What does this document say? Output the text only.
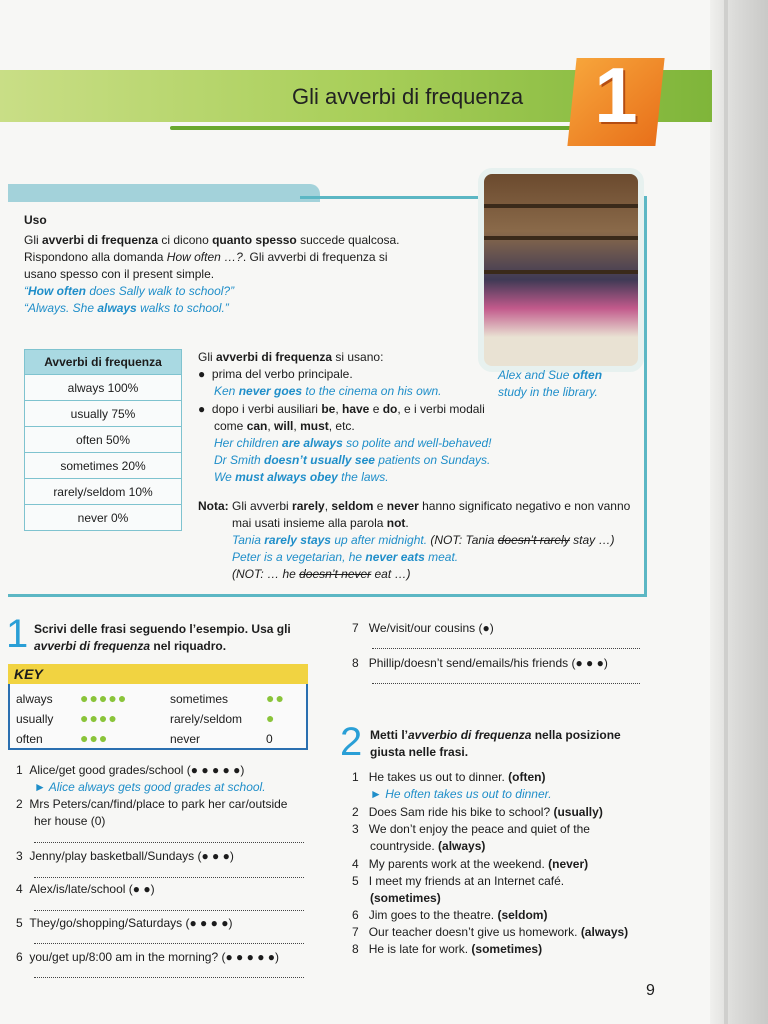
Gli avverbi di frequenza 1
Uso
Gli avverbi di frequenza ci dicono quanto spesso succede qualcosa.
Rispondono alla domanda How often …?. Gli avverbi di frequenza si
usano spesso con il present simple.
“How often does Sally walk to school?”
“Always. She always walks to school.”
Avverbi di frequenza
always 100%
usually 75%
often 50%
sometimes 20%
rarely/seldom 10%
never 0%
Gli avverbi di frequenza si usano:
●  prima del verbo principale.
Ken never goes to the cinema on his own.
●  dopo i verbi ausiliari be, have e do, e i verbi modali
come can, will, must, etc.
Her children are always so polite and well-behaved!
Dr Smith doesn’t usually see patients on Sundays.
We must always obey the laws.
Alex and Sue often
study in the library.
Nota: Gli avverbi rarely, seldom e never hanno significato negativo e non vanno
mai usati insieme alla parola not.
Tania rarely stays up after midnight. (NOT: Tania doesn’t rarely stay …)
Peter is a vegetarian, he never eats meat.
(NOT: … he doesn’t never eat …)
1 Scrivi delle frasi seguendo l’esempio. Usa gli
avverbi di frequenza nel riquadro.
KEY
always ●●●●●
usually ●●●●
often	●●●
sometimes	●●
rarely/seldom ●
never	0
1 Alice/get good grades/school (● ● ● ● ●)
► Alice always gets good grades at school.
2 Mrs Peters/can/find/place to park her car/outside
her house (0)
3 Jenny/play basketball/Sundays (● ● ●)
4 Alex/is/late/school (● ●)
5 They/go/shopping/Saturdays (● ● ● ●)
6 you/get up/8:00 am in the morning? (● ● ● ● ●)
7 We/visit/our cousins (●)
8 Phillip/doesn’t send/emails/his friends (● ● ●)
2 Metti l’avverbio di frequenza nella posizione
giusta nelle frasi.
1 He takes us out to dinner. (often)
► He often takes us out to dinner.
2 Does Sam ride his bike to school? (usually)
3 We don’t enjoy the peace and quiet of the
countryside. (always)
4 My parents work at the weekend. (never)
5 I meet my friends at an Internet café.
(sometimes)
6 Jim goes to the theatre. (seldom)
7 Our teacher doesn’t give us homework. (always)
8 He is late for work. (sometimes)
9
